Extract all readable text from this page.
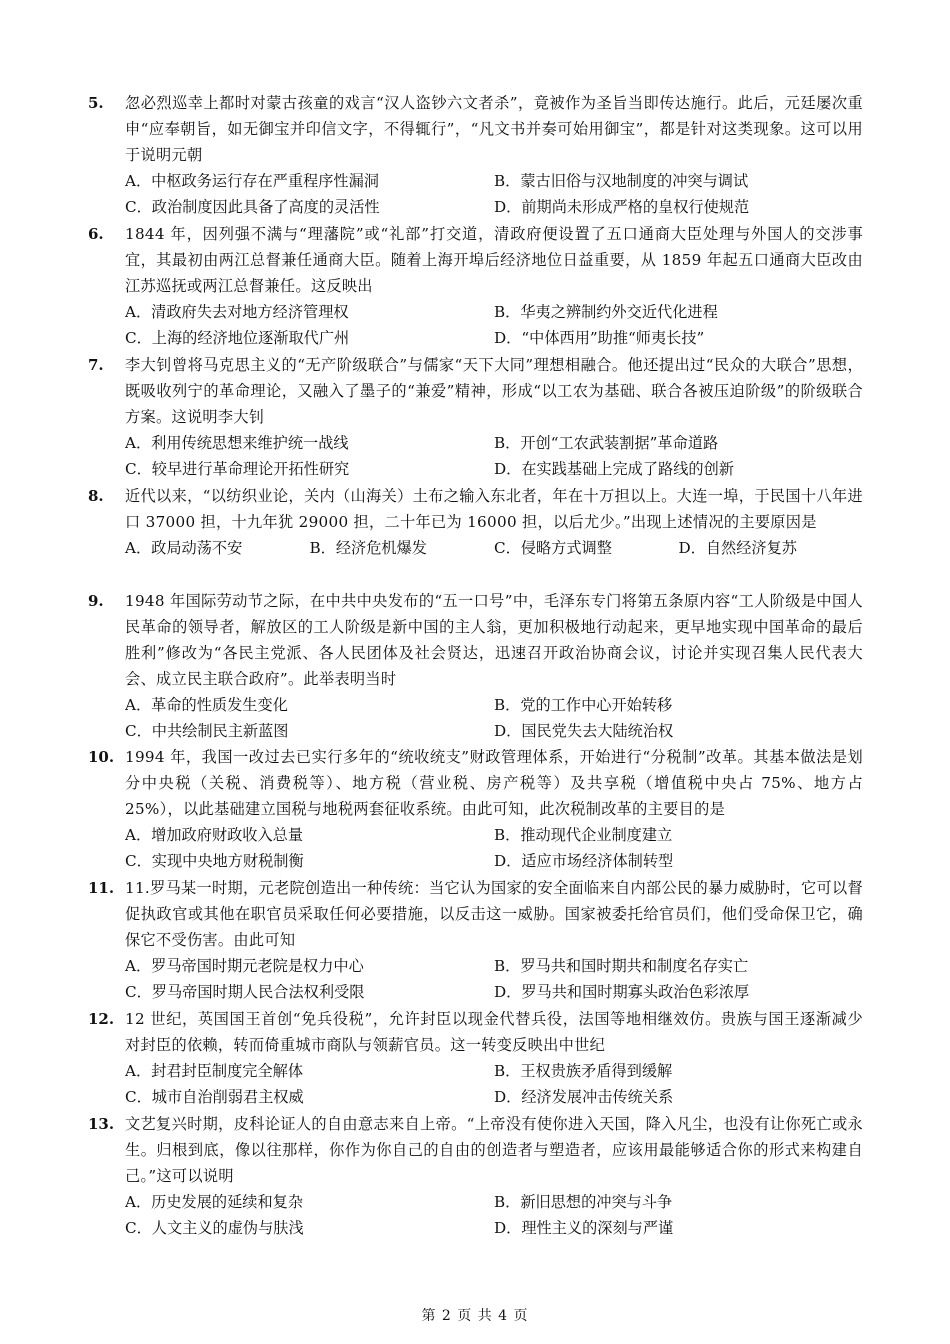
5. 忽必烈巡幸上都时对蒙古孩童的戏言“汉人盗钞六文者杀”，竟被作为圣旨当即传达施行。此后，元廷屡次重申“应奉朝旨，如无御宝并印信文字，不得辄行”，“凡文书并奏可始用御宝”，都是针对这类现象。这可以用于说明元朝
A．中枢政务运行存在严重程序性漏洞	B．蒙古旧俗与汉地制度的冲突与调试
C．政治制度因此具备了高度的灵活性	D．前期尚未形成严格的皇权行使规范
6. 1844 年，因列强不满与“理藩院”或“礼部”打交道，清政府便设置了五口通商大臣处理与外国人的交涉事宜，其最初由两江总督兼任通商大臣。随着上海开埠后经济地位日益重要，从 1859 年起五口通商大臣改由江苏巡抚或两江总督兼任。这反映出
A．清政府失去对地方经济管理权	B．华夷之辨制约外交近代化进程
C．上海的经济地位逐渐取代广州	D．“中体西用”助推“师夷长技”
7. 李大钊曾将马克思主义的“无产阶级联合”与儒家“天下大同”理想相融合。他还提出过“民众的大联合”思想，既吸收列宁的革命理论，又融入了墨子的“兼爱”精神，形成“以工农为基础、联合各被压迫阶级”的阶级联合方案。这说明李大钊
A．利用传统思想来维护统一战线	B．开创“工农武装割据”革命道路
C．较早进行革命理论开拓性研究	D．在实践基础上完成了路线的创新
8. 近代以来，“以纺织业论，关内（山海关）土布之输入东北者，年在十万担以上。大连一埠，于民国十八年进口 37000 担，十九年犹 29000 担，二十年已为 16000 担，以后尤少。”出现上述情况的主要原因是
A．政局动荡不安	B．经济危机爆发	C．侵略方式调整	D．自然经济复苏
9. 1948 年国际劳动节之际，在中共中央发布的“五一口号”中，毛泽东专门将第五条原内容“工人阶级是中国人民革命的领导者，解放区的工人阶级是新中国的主人翁，更加积极地行动起来，更早地实现中国革命的最后胜利”修改为“各民主党派、各人民团体及社会贤达，迅速召开政治协商会议，讨论并实现召集人民代表大会、成立民主联合政府”。此举表明当时
A．革命的性质发生变化	B．党的工作中心开始转移
C．中共绘制民主新蓝图	D．国民党失去大陆统治权
10. 1994 年，我国一改过去已实行多年的“统收统支”财政管理体系，开始进行“分税制”改革。其基本做法是划分中央税（关税、消费税等）、地方税（营业税、房产税等）及共享税（增值税中央占 75%、地方占 25%），以此基础建立国税与地税两套征收系统。由此可知，此次税制改革的主要目的是
A．增加政府财政收入总量	B．推动现代企业制度建立
C．实现中央地方财税制衡	D．适应市场经济体制转型
11. 11.罗马某一时期，元老院创造出一种传统：当它认为国家的安全面临来自内部公民的暴力威胁时，它可以督促执政官或其他在职官员采取任何必要措施，以反击这一威胁。国家被委托给官员们，他们受命保卫它，确保它不受伤害。由此可知
A．罗马帝国时期元老院是权力中心	B．罗马共和国时期共和制度名存实亡
C．罗马帝国时期人民合法权利受限	D．罗马共和国时期寡头政治色彩浓厚
12. 12 世纪，英国国王首创“免兵役税”，允许封臣以现金代替兵役，法国等地相继效仿。贵族与国王逐渐减少对封臣的依赖，转而倚重城市商队与领薪官员。这一转变反映出中世纪
A．封君封臣制度完全解体	B．王权贵族矛盾得到缓解
C．城市自治削弱君主权威	D．经济发展冲击传统关系
13. 文艺复兴时期，皮科论证人的自由意志来自上帝。“上帝没有使你进入天国，降入凡尘，也没有让你死亡或永生。归根到底，像以往那样，你作为你自己的自由的创造者与塑造者，应该用最能够适合你的形式来构建自己。”这可以说明
A．历史发展的延续和复杂	B．新旧思想的冲突与斗争
C．人文主义的虚伪与肤浅	D．理性主义的深刻与严谨
第 2 页 共 4 页
